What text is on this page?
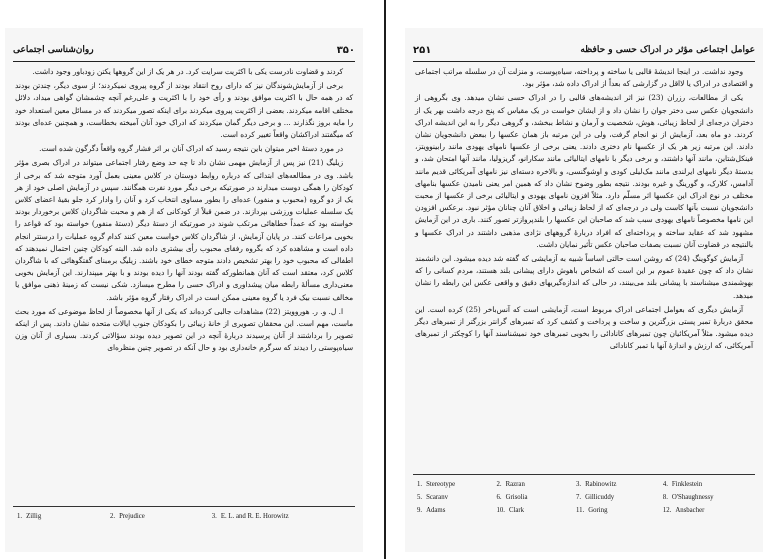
۳۵۰
روان‌شناسی اجتماعی

کردند و قضاوت نادرست یکی با اکثریت سرایت کرد. در هر یک از این گروهها یکتن زودباور وجود داشت.

برخی از آزمایش‌شوندگان نیز که دارای روح انتقاد بودند از گروه پیروی نمیکردند؛ از سوی دیگر، چندتن بودند که در همه حال با اکثریت موافق بودند و رأی خود را با اکثریت و علی‌رغم آنچه چشمشان گواهی میداد، دلائل مختلف اقامه میکردند. بعضی از اکثریت پیروی میکردند برای اینکه تصور میکردند که در مسائل معین استعداد خود را مایه بروز نگذارند ... و برخی دیگر گمان میکردند که ادراک خود آنان آمیخته بخطاست، و همچنین عده‌ای بودند که میگفتند ادراکشان واقعاً تغییر کرده است.

در مورد دستهٔ اخیر میتوان باین نتیجه رسید که ادراک آنان بر اثر فشار گروه واقعاً دگرگون شده است.

زیلیگ (21) نیز پس از آزمایش مهمی نشان داد تا چه حد وضع رفتار اجتماعی میتواند در ادراک بصری مؤثر باشد. وی در مطالعه‌های ابتدائی که درباره روابط دوستان در کلاس معینی بعمل آورد متوجه شد که برخی از کودکان را همگی دوست میدارند در صورتیکه برخی دیگر مورد نفرت همگانند. سپس در آزمایش اصلی خود از هر یک از دو گروه (محبوب و منفور) عده‌ای را بطور مساوی انتخاب کرد و آنان را وادار کرد جلو بقیهٔ اعضای کلاس یک سلسله عملیات ورزشی بپردازند. در ضمن قبلاً از کودکانی که از هم و محبت شاگردان کلاس برخوردار بودند خواسته بود که عمداً خطاهائی مرتکب شوند در صورتیکه از دستهٔ دیگر (دستهٔ منفور) خواسته بود که قواعد را بخوبی مراعات کنند. در پایان آزمایش، از شاگردان کلاس خواست معین کنند کدام گروه عملیات را درستتر انجام داده است و مشاهده کرد که بگروه رفقای محبوب رأی بیشتری داده شد. البته کودکان چنین احتمال نمیدهند که اطفالی که محبوب خود را بهتر تشخیص دادند متوجه خطای خود باشند. زیلیگ برمبنای گفتگوهائی که با شاگردان کلاس کرد، معتقد است که آنان همانطورکه گفته بودند آنها را دیده بودند و با بهتر میپندارند. این آزمایش بخوبی معنی‌داری مسألهٔ رابطه میان پیشداوری و ادراک حسی را مطرح میسازد. شکی نیست که زمینهٔ ذهنی موافق یا مخالف نسبت بیک فرد یا گروه معینی ممکن است در ادراک رفتار گروه مؤثر باشد.

ا. ل. و. ر. هوروویتز (22) مشاهدات جالبی کرده‌اند که یکی از آنها مخصوصاً از لحاظ موضوعی که مورد بحث ماست، مهم است. این محققان تصویری از خانهٔ زیبائی را بکودکان جنوب ایالات متحده نشان دادند. پس از اینکه تصویر را برداشتند از آنان پرسیدند دربارهٔ آنچه در این تصویر دیده بودند سؤالاتی کردند. بسیاری از آنان وزن سیاه‌پوستی را دیدند که سرگرم خانه‌داری بود و حال آنکه در تصویر چنین منظره‌ای

1. Zillig	2. Prejudice	3. E. L. and R. E. Horowitz
عوامل اجتماعی مؤثر در ادراک حسی و حافظه
۲۵۱

وجود نداشت. در اینجا اندیشهٔ قالبی یا ساخته و پرداخته، سیاه‌پوست، و منزلت آن در سلسله مراتب اجتماعی و اقتصادی در ادراک یا لااقل در گزارشی که بعداً از ادراک داده شد، مؤثر بود.

یکی از مطالعات، رزران (23) نیز اثر اندیشه‌های قالبی را در ادراک حسی نشان میدهد. وی بگروهی از دانشجویان عکس سی دختر جوان را نشان داد و از ایشان خواست در یک مقیاس که پنج درجه داشت بهر یک از دختران درجه‌ای از لحاظ زیبائی، هوش، شخصیت و آرمان و نشاط ببخشد، و گروهی دیگر را به این اندیشه ادراک کردند. دو ماه بعد، آزمایش از نو انجام گرفت، ولی در این مرتبه باز همان عکسها را ببعض دانشجویان نشان دادند. این مرتبه زیر هر یک از عکسها نام دختری دادند. یعنی برخی از عکسها نامهای یهودی مانند رابینوویتز، فینکل‌شتاین، مانند آنها داشتند، و برخی دیگر با نامهای ایتالیائی مانند سکارانو، گریزولیا، مانند آنها امتحان شد، و بدستهٔ دیگر نامهای ایرلندی مانند مک‌لیلی کودی و اوشوگنسی، و بالاخره دسته‌ای نیز نامهای آمریکائی قدیم مانند آدامس، کلارک، و گورینگ و غیره بودند. نتیجه بطور وضوح نشان داد که همین امر یعنی نامیدن عکسها بنامهای مختلف در نوع ادراک این عکسها اثر مسلّم دارد. مثلاً افزون نامهای یهودی و ایتالیائی برخی از عکسها از محبت دانشجویان نسبت بآنها کاست ولی در درجه‌ای که از لحاظ زیبائی و اخلاق آنان چنانان مؤثر نبود. برعکس افزودن این نامها مخصوصاً نامهای یهودی سبب شد که صاحبان این عکسها را بلندپروازتر تصور کنند. باری در این آزمایش مشهود شد که عقاید ساخته و پرداخته‌ای که افراد دربارهٔ گروههای نژادی مذهبی داشتند در ادراک عکسها و بالنتیجه در قضاوت آنان نسبت بصفات صاحبان عکس تأثیر نمایان داشت.

آزمایش کوگوینگ (24) که روشن است حالتی اساساً شبیه به آزمایشی که گفته شد دیده میشود. این دانشمند نشان داد که چون عقیدهٔ عموم بر این است که اشخاص باهوش دارای پیشانی بلند هستند، مردم کسانی را که بهوشمندی میشناسند با پیشانی بلند می‌بینند، در حالی که اندازه‌گیریهای دقیق و واقعی عکس این رابطه را نشان میدهد.

آزمایش دیگری که بعوامل اجتماعی ادراک مربوط است، آزمایشی است که آنس‌باخر (25) کرده است. این محقق دربارهٔ تمبر پستی بزرگترین و ساخت و پرداخت و کشف کرد که تمبرهای گرانتر بزرگتر از تمبرهای دیگر دیده میشود. مثلاً آمریکائیان چون تمبرهای کانادائی را بخوبی تمبرهای خود نمیشناسند آنها را کوچکتر از تمبرهای آمریکائی، که ارزش و اندازهٔ آنها با تمبر کانادائی

1. Stereotype	2. Razran	3. Rabinowitz	4. Finklestein
5. Scaranv	6. Grisolia	7. Gillicuddy	8. O'Shaughnessy
9. Adams	10. Clark	11. Goring	12. Ansbacher
